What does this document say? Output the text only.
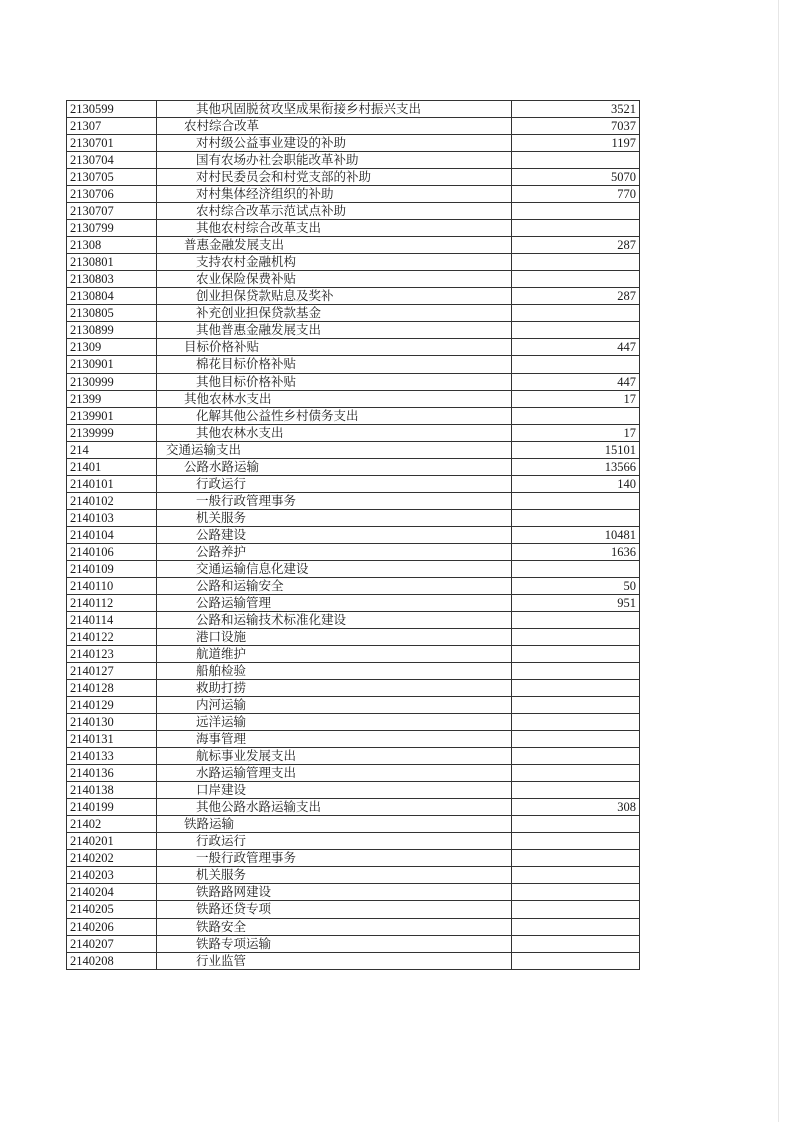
2130599	其他巩固脱贫攻坚成果衔接乡村振兴支出	3521
21307	农村综合改革	7037
2130701	对村级公益事业建设的补助	1197
2130704	国有农场办社会职能改革补助
2130705	对村民委员会和村党支部的补助	5070
2130706	对村集体经济组织的补助	770
2130707	农村综合改革示范试点补助
2130799	其他农村综合改革支出
21308	普惠金融发展支出	287
2130801	支持农村金融机构
2130803	农业保险保费补贴
2130804	创业担保贷款贴息及奖补	287
2130805	补充创业担保贷款基金
2130899	其他普惠金融发展支出
21309	目标价格补贴	447
2130901	棉花目标价格补贴
2130999	其他目标价格补贴	447
21399	其他农林水支出	17
2139901	化解其他公益性乡村债务支出
2139999	其他农林水支出	17
214	交通运输支出	15101
21401	公路水路运输	13566
2140101	行政运行	140
2140102	一般行政管理事务
2140103	机关服务
2140104	公路建设	10481
2140106	公路养护	1636
2140109	交通运输信息化建设
2140110	公路和运输安全	50
2140112	公路运输管理	951
2140114	公路和运输技术标准化建设
2140122	港口设施
2140123	航道维护
2140127	船舶检验
2140128	救助打捞
2140129	内河运输
2140130	远洋运输
2140131	海事管理
2140133	航标事业发展支出
2140136	水路运输管理支出
2140138	口岸建设
2140199	其他公路水路运输支出	308
21402	铁路运输
2140201	行政运行
2140202	一般行政管理事务
2140203	机关服务
2140204	铁路路网建设
2140205	铁路还贷专项
2140206	铁路安全
2140207	铁路专项运输
2140208	行业监管
